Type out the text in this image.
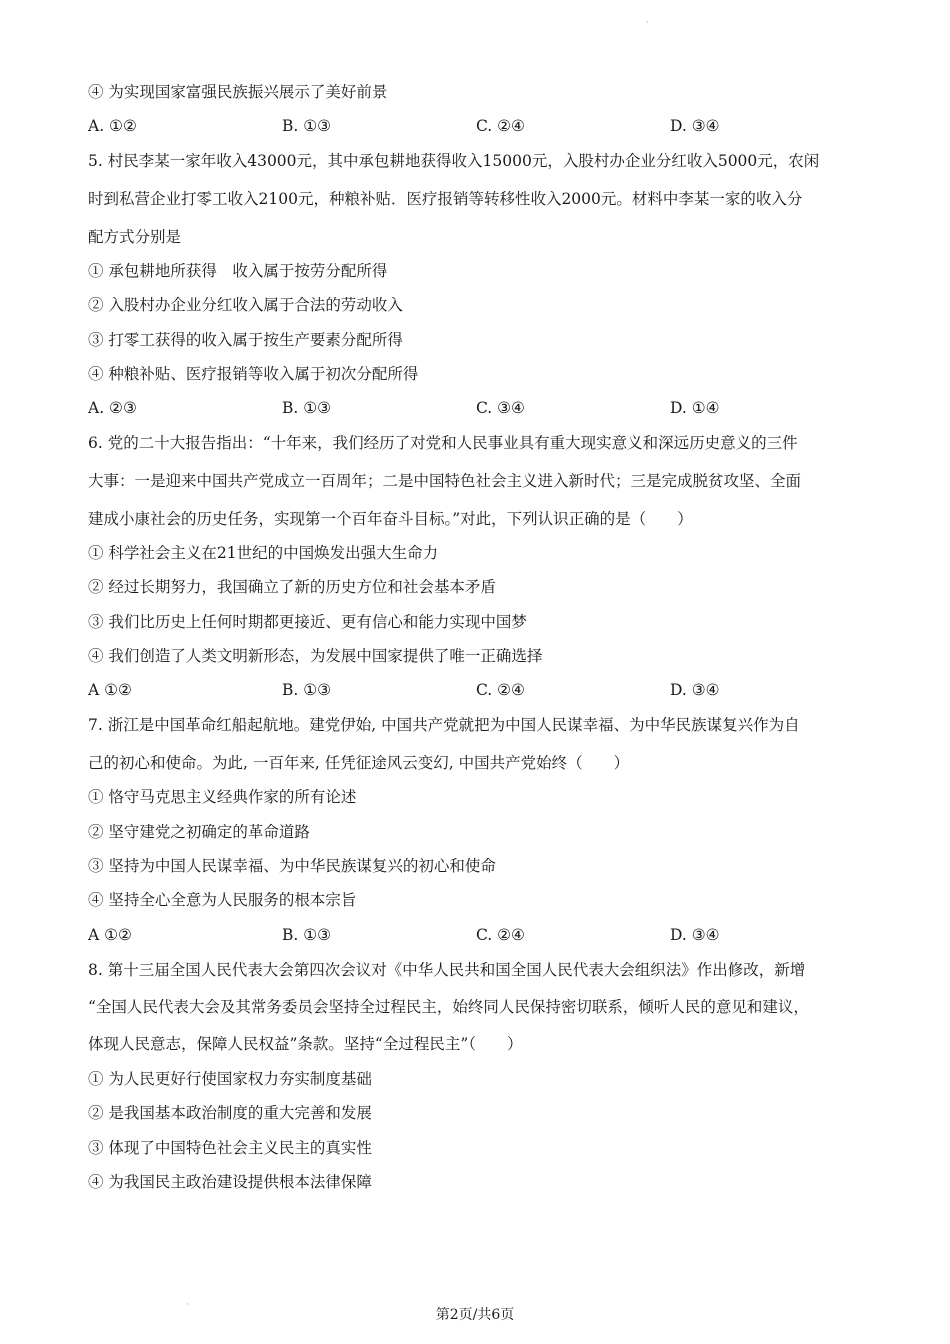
·
④ 为实现国家富强民族振兴展示了美好前景
A. ①②	B. ①③	C. ②④	D. ③④
5. 村民李某一家年收入43000元，其中承包耕地获得收入15000元，入股村办企业分红收入5000元，农闲
时到私营企业打零工收入2100元，种粮补贴．医疗报销等转移性收入2000元。材料中李某一家的收入分
配方式分别是
① 承包耕地所获得　收入属于按劳分配所得
② 入股村办企业分红收入属于合法的劳动收入
③ 打零工获得的收入属于按生产要素分配所得
④ 种粮补贴、医疗报销等收入属于初次分配所得
A. ②③	B. ①③	C. ③④	D. ①④
6. 党的二十大报告指出：“十年来，我们经历了对党和人民事业具有重大现实意义和深远历史意义的三件
大事：一是迎来中国共产党成立一百周年；二是中国特色社会主义进入新时代；三是完成脱贫攻坚、全面
建成小康社会的历史任务，实现第一个百年奋斗目标。”对此，下列认识正确的是（　　）
① 科学社会主义在21世纪的中国焕发出强大生命力
② 经过长期努力，我国确立了新的历史方位和社会基本矛盾
③ 我们比历史上任何时期都更接近、更有信心和能力实现中国梦
④ 我们创造了人类文明新形态，为发展中国家提供了唯一正确选择
A ①②	B. ①③	C. ②④	D. ③④
7. 浙江是中国革命红船起航地。建党伊始, 中国共产党就把为中国人民谋幸福、为中华民族谋复兴作为自
己的初心和使命。为此, 一百年来, 任凭征途风云变幻, 中国共产党始终（　　）
① 恪守马克思主义经典作家的所有论述
② 坚守建党之初确定的革命道路
③ 坚持为中国人民谋幸福、为中华民族谋复兴的初心和使命
④ 坚持全心全意为人民服务的根本宗旨
A ①②	B. ①③	C. ②④	D. ③④
8. 第十三届全国人民代表大会第四次会议对《中华人民共和国全国人民代表大会组织法》作出修改，新增
“全国人民代表大会及其常务委员会坚持全过程民主，始终同人民保持密切联系，倾听人民的意见和建议，
体现人民意志，保障人民权益”条款。坚持“全过程民主”（　　）
① 为人民更好行使国家权力夯实制度基础
② 是我国基本政治制度的重大完善和发展
③ 体现了中国特色社会主义民主的真实性
④ 为我国民主政治建设提供根本法律保障
·
第2页/共6页
